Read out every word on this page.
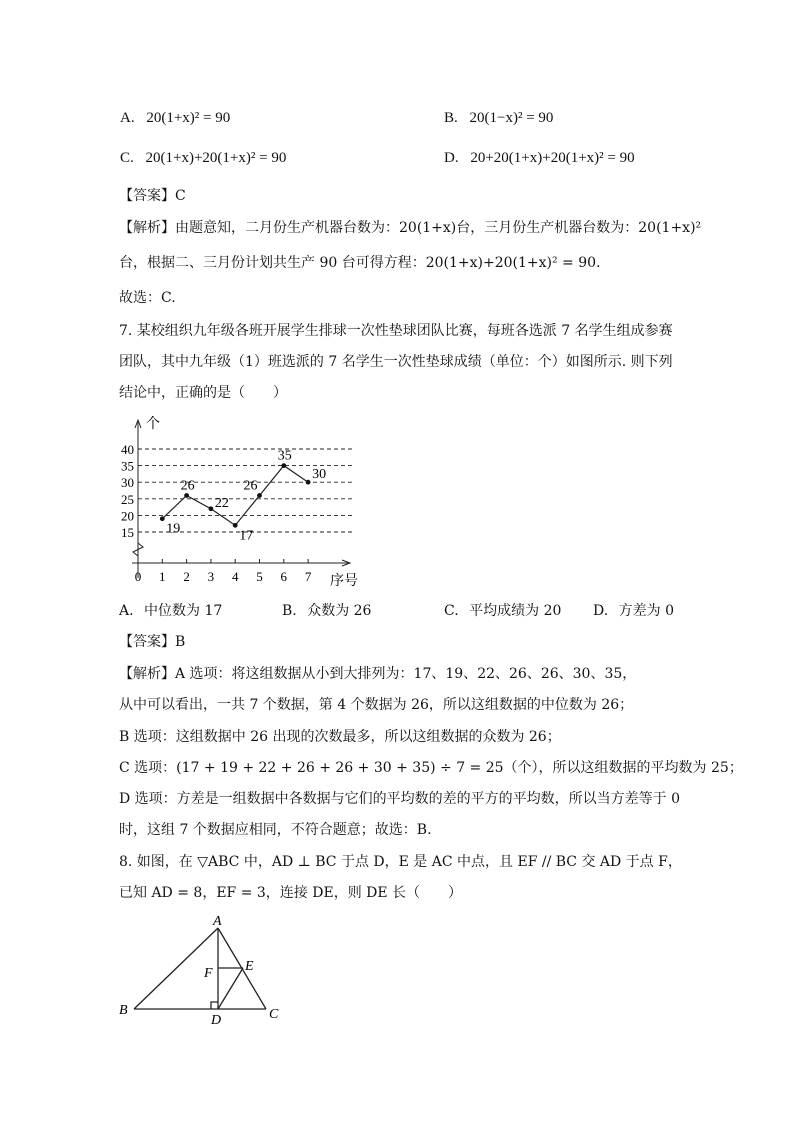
A. 20(1+x)² = 90	B. 20(1−x)² = 90
C. 20(1+x)+20(1+x)² = 90	D. 20+20(1+x)+20(1+x)² = 90
【答案】C
【解析】由题意知，二月份生产机器台数为：20(1+x)台，三月份生产机器台数为：20(1+x)²
台，根据二、三月份计划共生产 90 台可得方程：20(1+x)+20(1+x)² = 90.
故选：C.
7. 某校组织九年级各班开展学生排球一次性垫球团队比赛，每班各选派 7 名学生组成参赛
团队，其中九年级（1）班选派的 7 名学生一次性垫球成绩（单位：个）如图所示. 则下列
结论中，正确的是（　　）
个
序号
15
20
25
30
35
40
0 1 2 3 4 5 6 7
19
26
22
17
26
35
30
A. 中位数为 17	B. 众数为 26	C. 平均成绩为 20 D. 方差为 0
【答案】B
【解析】A 选项：将这组数据从小到大排列为：17、19、22、26、26、30、35，
从中可以看出，一共 7 个数据，第 4 个数据为 26，所以这组数据的中位数为 26；
B 选项：这组数据中 26 出现的次数最多，所以这组数据的众数为 26；
C 选项：(17 + 19 + 22 + 26 + 26 + 30 + 35) ÷ 7 = 25（个），所以这组数据的平均数为 25；
D 选项：方差是一组数据中各数据与它们的平均数的差的平方的平均数，所以当方差等于 0
时，这组 7 个数据应相同，不符合题意；故选：B.
8. 如图，在 ▽ABC 中，AD ⊥ BC 于点 D，E 是 AC 中点，且 EF // BC 交 AD 于点 F，
已知 AD = 8，EF = 3，连接 DE，则 DE 长（　　）
A
B	C
D
E
F
